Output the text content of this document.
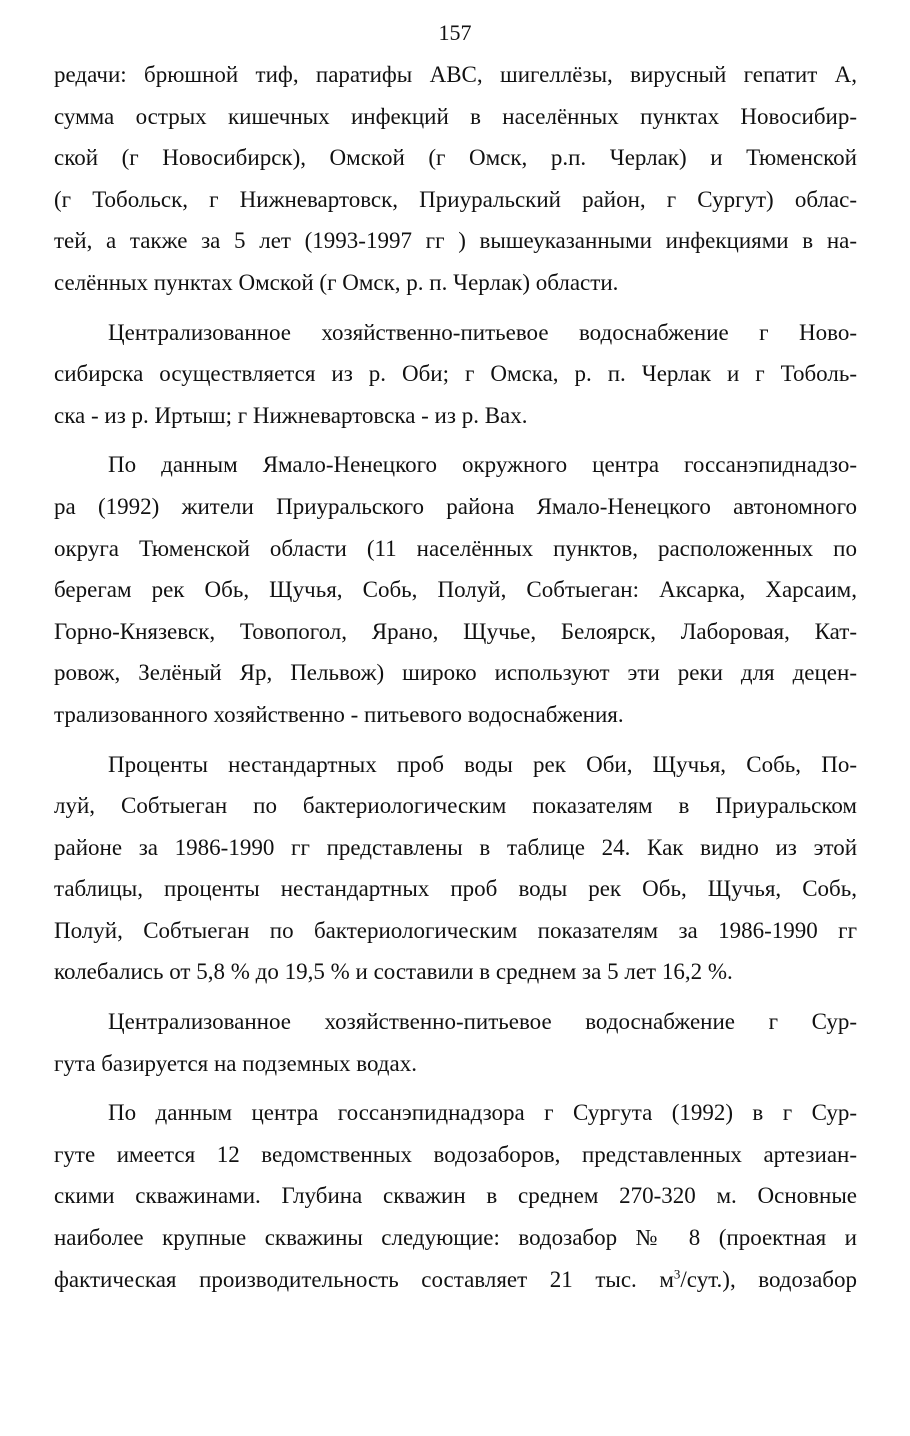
157
редачи: брюшной тиф, паратифы АВС, шигеллёзы, вирусный гепатит А,
сумма острых кишечных инфекций в населённых пунктах Новосибир-
ской (г Новосибирск), Омской (г Омск, р.п. Черлак) и Тюменской
(г Тобольск, г Нижневартовск, Приуральский район, г Сургут) облас-
тей, а также за 5 лет (1993-1997 гг ) вышеуказанными инфекциями в на-
селённых пунктах Омской (г Омск, р. п. Черлак) области.
Централизованное хозяйственно-питьевое водоснабжение г Ново-
сибирска осуществляется из р. Оби; г Омска, р. п. Черлак и г Тоболь-
ска - из р. Иртыш; г Нижневартовска - из р. Вах.
По данным Ямало-Ненецкого окружного центра госсанэпиднадзо-
ра (1992) жители Приуральского района Ямало-Ненецкого автономного
округа Тюменской области (11 населённых пунктов, расположенных по
берегам рек Обь, Щучья, Собь, Полуй, Собтыеган: Аксарка, Харсаим,
Горно-Князевск, Товопогол, Ярано, Щучье, Белоярск, Лаборовая, Кат-
ровож, Зелёный Яр, Пельвож) широко используют эти реки для децен-
трализованного хозяйственно - питьевого водоснабжения.
Проценты нестандартных проб воды рек Оби, Щучья, Собь, По-
луй, Собтыеган по бактериологическим показателям в Приуральском
районе за 1986-1990 гг представлены в таблице 24. Как видно из этой
таблицы, проценты нестандартных проб воды рек Обь, Щучья, Собь,
Полуй, Собтыеган по бактериологическим показателям за 1986-1990 гг
колебались от 5,8 % до 19,5 % и составили в среднем за 5 лет 16,2 %.
Централизованное хозяйственно-питьевое водоснабжение г Сур-
гута базируется на подземных водах.
По данным центра госсанэпиднадзора г Сургута (1992) в г Сур-
гуте имеется 12 ведомственных водозаборов, представленных артезиан-
скими скважинами. Глубина скважин в среднем 270-320 м. Основные
наиболее крупные скважины следующие: водозабор № 8 (проектная и
фактическая производительность составляет 21 тыс. $м^3/сут$.), водозабор
